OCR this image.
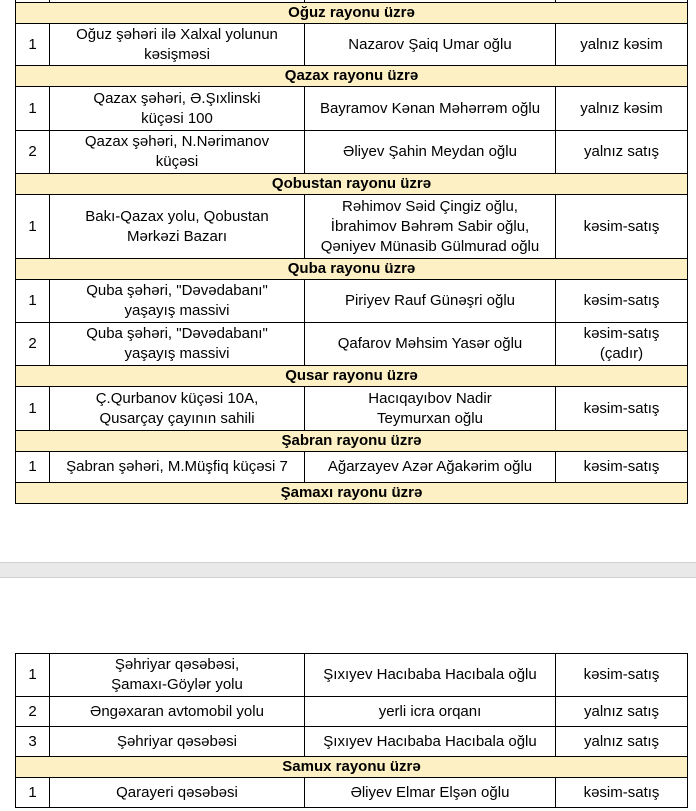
Oğuz rayonu üzrə			
1	Oğuz şəhəri ilə Xalxal yolunun
kəsişməsi	Nazarov Şaiq Umar oğlu	yalnız kəsim
Qazax rayonu üzrə			
1	Qazax şəhəri, Ə.Şıxlinski
küçəsi 100	Bayramov Kənan Məhərrəm oğlu	yalnız kəsim
2	Qazax şəhəri, N.Nərimanov
küçəsi	Əliyev Şahin Meydan oğlu	yalnız satış
Qobustan rayonu üzrə			
1	Bakı-Qazax yolu, Qobustan
Mərkəzi Bazarı	Rəhimov Səid Çingiz oğlu,
İbrahimov Bəhrəm Sabir oğlu,
Qəniyev Münasib Gülmurad oğlu	kəsim-satış
Quba rayonu üzrə			
1	Quba şəhəri, "Dəvədabanı"
yaşayış massivi	Piriyev Rauf Günəşri oğlu	kəsim-satış
2	Quba şəhəri, "Dəvədabanı"
yaşayış massivi	Qafarov Məhsim Yasər oğlu	kəsim-satış
(çadır)
Qusar rayonu üzrə			
1	Ç.Qurbanov küçəsi 10A,
Qusarçay çayının sahili	Hacıqayıbov Nadir
Teymurxan oğlu	kəsim-satış
Şabran rayonu üzrə			
1	Şabran şəhəri, M.Müşfiq küçəsi 7	Ağarzayev Azər Ağakərim oğlu	kəsim-satış
Şamaxı rayonu üzrə			
1	Şəhriyar qəsəbəsi,
Şamaxı-Göylər yolu	Şıxıyev Hacıbaba Hacıbala oğlu	kəsim-satış
2	Əngəxaran avtomobil yolu	yerli icra orqanı	yalnız satış
3	Şəhriyar qəsəbəsi	Şıxıyev Hacıbaba Hacıbala oğlu	yalnız satış
Samux rayonu üzrə			
1	Qarayeri qəsəbəsi	Əliyev Elmar Elşən oğlu	kəsim-satış
